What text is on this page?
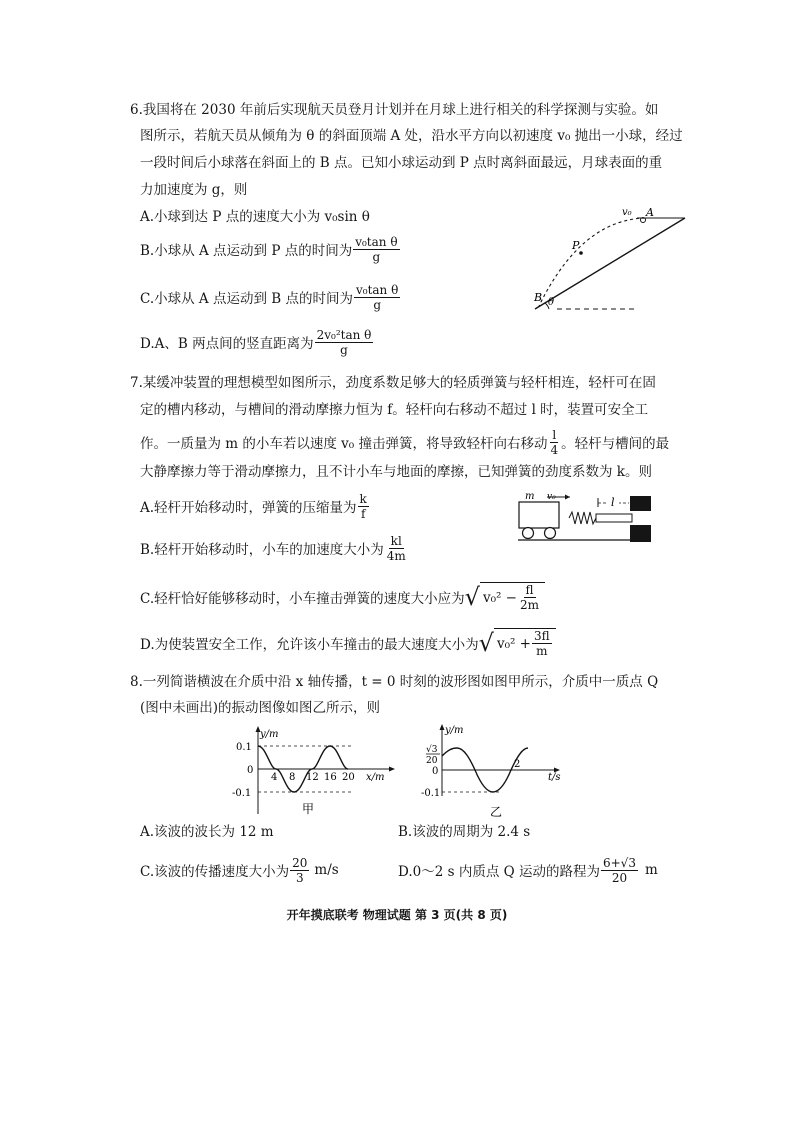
6.我国将在 2030 年前后实现航天员登月计划并在月球上进行相关的科学探测与实验。如
图所示，若航天员从倾角为 θ 的斜面顶端 A 处，沿水平方向以初速度 v₀ 抛出一小球，经过
一段时间后小球落在斜面上的 B 点。已知小球运动到 P 点时离斜面最远，月球表面的重
力加速度为 g，则
A.小球到达 P 点的速度大小为 v₀sin θ
B.小球从 A 点运动到 P 点的时间为 $\frac{\text{v₀tan θ}}{g}$
C.小球从 A 点运动到 B 点的时间为 $\frac{\text{v₀tan θ}}{g}$
D.A、B 两点间的竖直距离为 $\frac{\text{2v₀²tan θ}}{g}$
v₀ A
P
B θ
7.某缓冲装置的理想模型如图所示，劲度系数足够大的轻质弹簧与轻杆相连，轻杆可在固
定的槽内移动，与槽间的滑动摩擦力恒为 f。轻杆向右移动不超过 l 时，装置可安全工
作。一质量为 m 的小车若以速度 v₀ 撞击弹簧，将导致轻杆向右移动 $\frac{l}{4}$ 。轻杆与槽间的最
大静摩擦力等于滑动摩擦力，且不计小车与地面的摩擦，已知弹簧的劲度系数为 k。则
A.轻杆开始移动时，弹簧的压缩量为 $\frac{k}{f}$
B.轻杆开始移动时，小车的加速度大小为 $\frac{kl}{4m}$
C.轻杆恰好能够移动时，小车撞击弹簧的速度大小应为 √ $v_0^2 - \frac{fl}{2m}$
D.为使装置安全工作，允许该小车撞击的最大速度大小为 √ $v_0^2 + \frac{3fl}{m}$
m v₀	l
8.一列简谐横波在介质中沿 x 轴传播，t = 0 时刻的波形图如图甲所示，介质中一质点 Q
(图中未画出)的振动图像如图乙所示，则
y/m
x/m
0.1
0
-0.1
4 8 12 16 20
甲
y/m
t/s
√3
20
0
-0.1
2
乙
A.该波的波长为 12 m	B.该波的周期为 2.4 s
C.该波的传播速度大小为 $\frac{20}{3} m/s$	D.0～2 s 内质点 Q 运动的路程为 $\frac{6+√3}{20}$ m
开年摸底联考 物理试题 第 3 页(共 8 页)
